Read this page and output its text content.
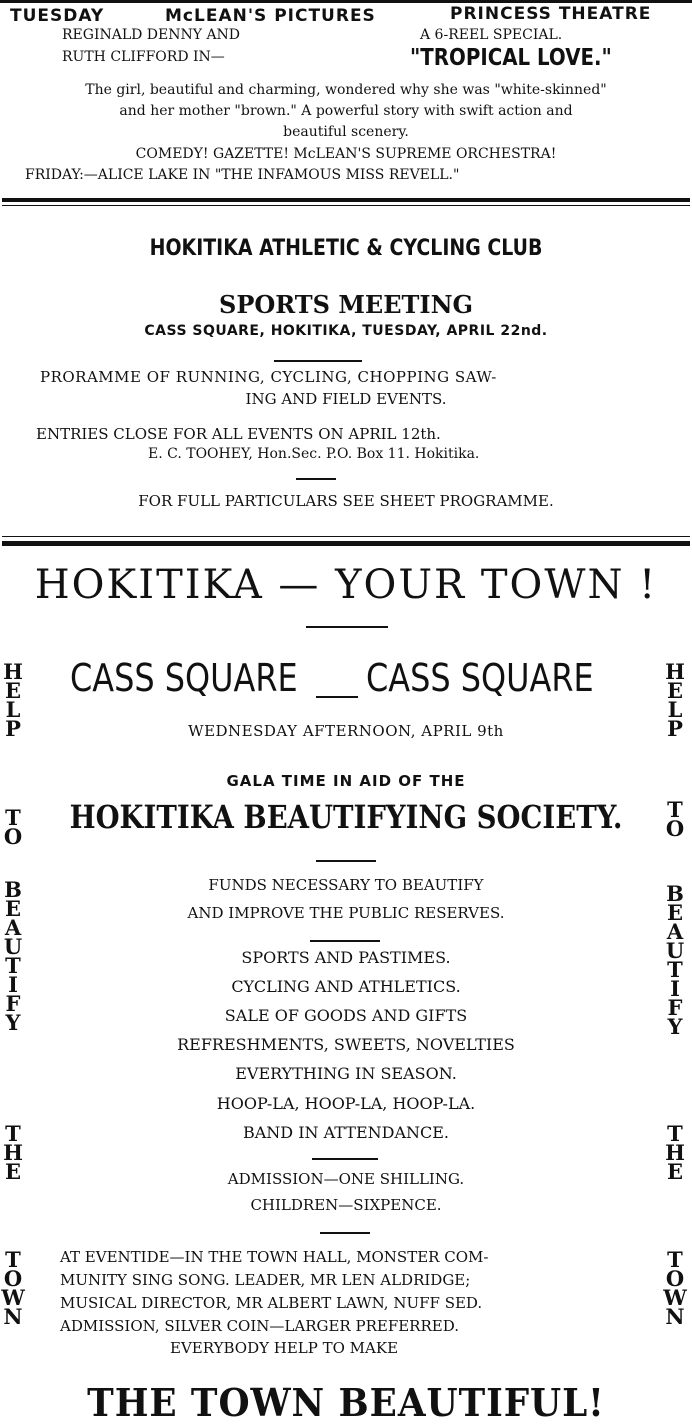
TUESDAY	McLEAN'S PICTURES	PRINCESS THEATRE
REGINALD DENNY AND
RUTH CLIFFORD IN—
A 6-REEL SPECIAL.
"TROPICAL LOVE."
The girl, beautiful and charming, wondered why she was "white-skinned"
and her mother "brown." A powerful story with swift action and
beautiful scenery.
COMEDY! GAZETTE! McLEAN'S SUPREME ORCHESTRA!
FRIDAY:—ALICE LAKE IN "THE INFAMOUS MISS REVELL."
HOKITIKA ATHLETIC & CYCLING CLUB
SPORTS MEETING
CASS SQUARE, HOKITIKA, TUESDAY, APRIL 22nd.
PRORAMME OF RUNNING, CYCLING, CHOPPING SAW-
ING AND FIELD EVENTS.
ENTRIES CLOSE FOR ALL EVENTS ON APRIL 12th.
E. C. TOOHEY, Hon.Sec. P.O. Box 11. Hokitika.
FOR FULL PARTICULARS SEE SHEET PROGRAMME.
HOKITIKA — YOUR TOWN !
CASS SQUARE CASS SQUARE
WEDNESDAY AFTERNOON, APRIL 9th
GALA TIME IN AID OF THE
HOKITIKA BEAUTIFYING SOCIETY.
FUNDS NECESSARY TO BEAUTIFY
AND IMPROVE THE PUBLIC RESERVES.
SPORTS AND PASTIMES.
CYCLING AND ATHLETICS.
SALE OF GOODS AND GIFTS
REFRESHMENTS, SWEETS, NOVELTIES
EVERYTHING IN SEASON.
HOOP-LA, HOOP-LA, HOOP-LA.
BAND IN ATTENDANCE.
ADMISSION—ONE SHILLING.
CHILDREN—SIXPENCE.
AT EVENTIDE—IN THE TOWN HALL, MONSTER COM-
MUNITY SING SONG. LEADER, MR LEN ALDRIDGE;
MUSICAL DIRECTOR, MR ALBERT LAWN, NUFF SED.
ADMISSION, SILVER COIN—LARGER PREFERRED.
EVERYBODY HELP TO MAKE
THE TOWN BEAUTIFUL!
H
E
L
P
T
O
B
E
A
U
T
I
F
Y
T
H
E
T
O
W
N
H
E
L
P
T
O
B
E
A
U
T
I
F
Y
T
H
E
T
O
W
N
